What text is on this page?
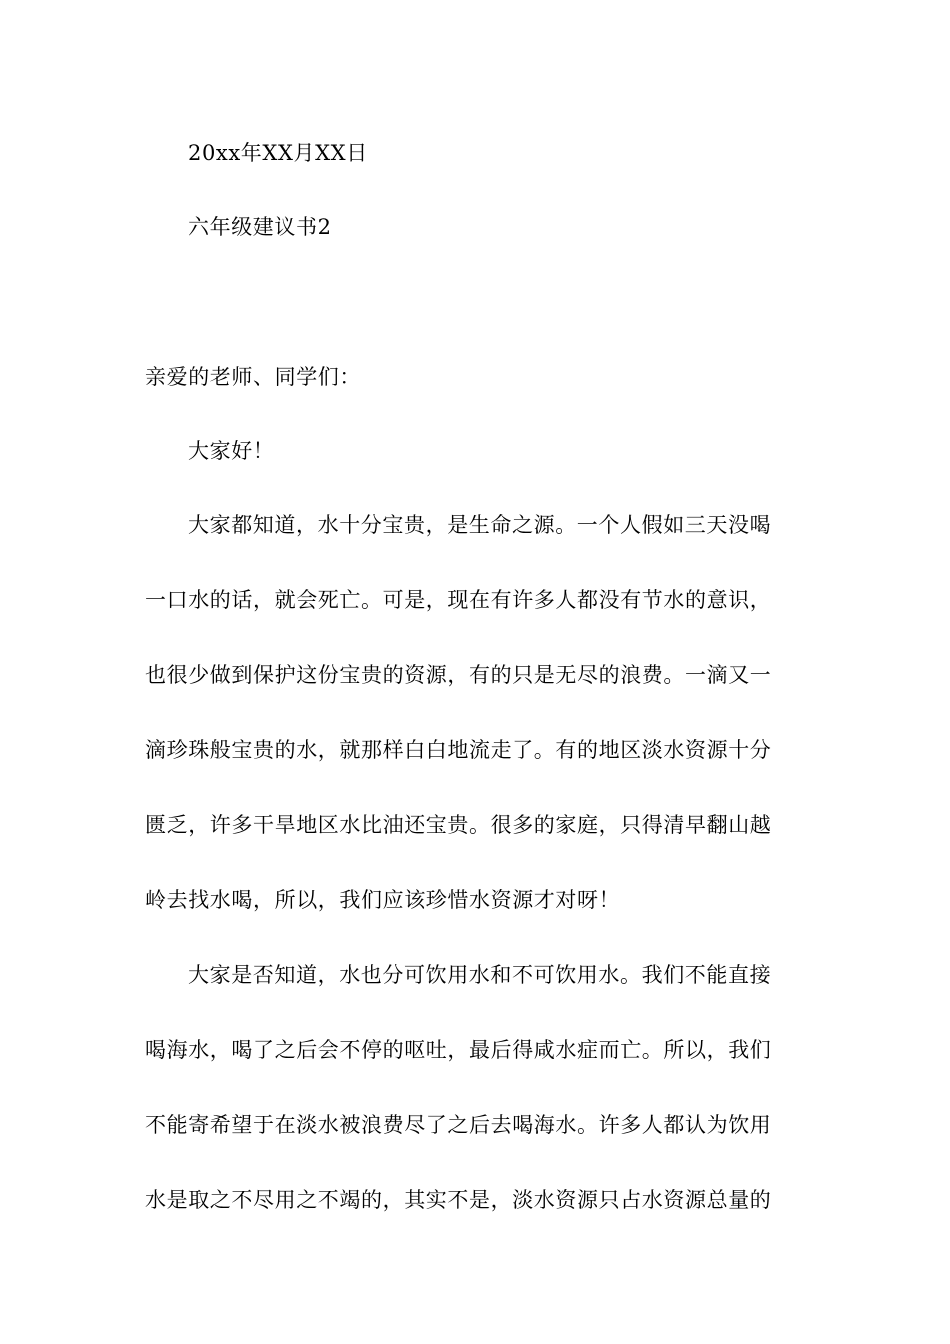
20xx年XX月XX日
六年级建议书2
亲爱的老师、同学们：
大家好！
大家都知道，水十分宝贵，是生命之源。一个人假如三天没喝
一口水的话，就会死亡。可是，现在有许多人都没有节水的意识，
也很少做到保护这份宝贵的资源，有的只是无尽的浪费。一滴又一
滴珍珠般宝贵的水，就那样白白地流走了。有的地区淡水资源十分
匮乏，许多干旱地区水比油还宝贵。很多的家庭，只得清早翻山越
岭去找水喝，所以，我们应该珍惜水资源才对呀！
大家是否知道，水也分可饮用水和不可饮用水。我们不能直接
喝海水，喝了之后会不停的呕吐，最后得咸水症而亡。所以，我们
不能寄希望于在淡水被浪费尽了之后去喝海水。许多人都认为饮用
水是取之不尽用之不竭的，其实不是，淡水资源只占水资源总量的
